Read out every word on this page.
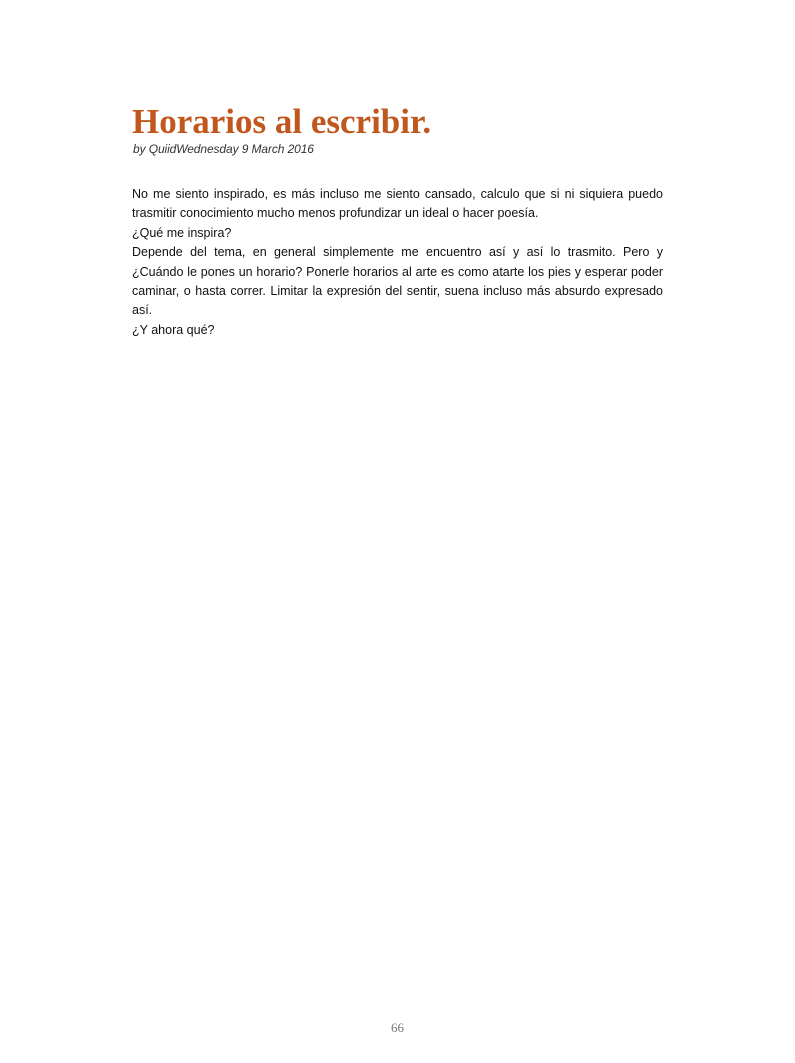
Horarios al escribir.
by QuiidWednesday 9 March 2016

No me siento inspirado, es más incluso me siento cansado, calculo que si ni siquiera puedo trasmitir conocimiento mucho menos profundizar un ideal o hacer poesía.

¿Qué me inspira?

Depende del tema, en general simplemente me encuentro así y así lo trasmito. Pero y ¿Cuándo le pones un horario? Ponerle horarios al arte es como atarte los pies y esperar poder caminar, o hasta correr. Limitar la expresión del sentir, suena incluso más absurdo expresado así.

¿Y ahora qué?

66
